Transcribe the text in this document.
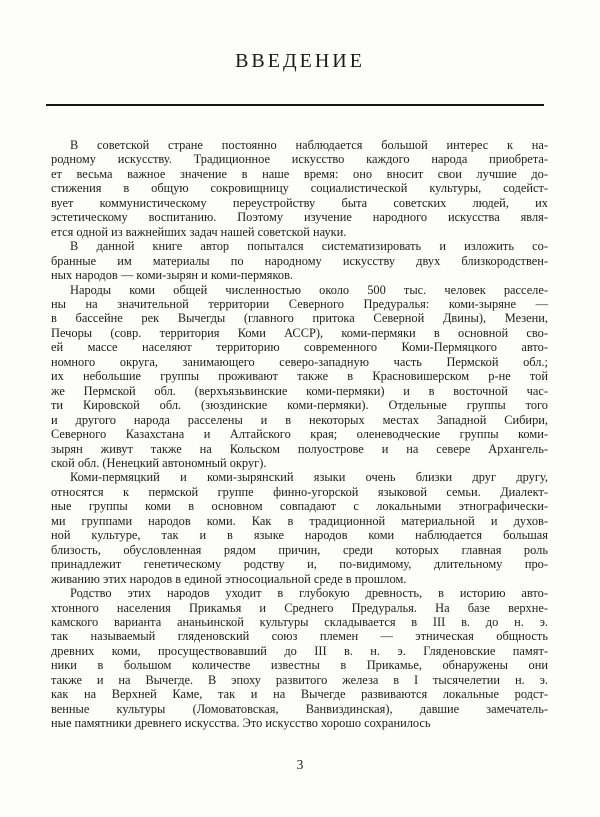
ВВЕДЕНИЕ
В советской стране постоянно наблюдается большой интерес к на-
родному искусству. Традиционное искусство каждого народа приобрета-
ет весьма важное значение в наше время: оно вносит свои лучшие до-
стижения в общую сокровищницу социалистической культуры, содейст-
вует коммунистическому переустройству быта советских людей, их
эстетическому воспитанию. Поэтому изучение народного искусства явля-
ется одной из важнейших задач нашей советской науки.
В данной книге автор попытался систематизировать и изложить со-
бранные им материалы по народному искусству двух близкородствен-
ных народов — коми-зырян и коми-пермяков.
Народы коми общей численностью около 500 тыс. человек расселе-
ны на значительной территории Северного Предуралья: коми-зыряне —
в бассейне рек Вычегды (главного притока Северной Двины), Мезени,
Печоры (совр. территория Коми АССР), коми-пермяки в основной сво-
ей массе населяют территорию современного Коми-Пермяцкого авто-
номного округа, занимающего северо-западную часть Пермской обл.;
их небольшие группы проживают также в Красновишерском р-не той
же Пермской обл. (верхъязьвинские коми-пермяки) и в восточной час-
ти Кировской обл. (зюздинские коми-пермяки). Отдельные группы того
и другого народа расселены и в некоторых местах Западной Сибири,
Северного Казахстана и Алтайского края; оленеводческие группы коми-
зырян живут также на Кольском полуострове и на севере Архангель-
ской обл. (Ненецкий автономный округ).
Коми-пермяцкий и коми-зырянский языки очень близки друг другу,
относятся к пермской группе финно-угорской языковой семьи. Диалект-
ные группы коми в основном совпадают с локальными этнографически-
ми группами народов коми. Как в традиционной материальной и духов-
ной культуре, так и в языке народов коми наблюдается большая
близость, обусловленная рядом причин, среди которых главная роль
принадлежит генетическому родству и, по-видимому, длительному про-
живанию этих народов в единой этносоциальной среде в прошлом.
Родство этих народов уходит в глубокую древность, в историю авто-
хтонного населения Прикамья и Среднего Предуралья. На базе верхне-
камского варианта ананьинской культуры складывается в III в. до н. э.
так называемый гляденовский союз племен — этническая общность
древних коми, просуществовавший до III в. н. э. Гляденовские памят-
ники в большом количестве известны в Прикамье, обнаружены они
также и на Вычегде. В эпоху развитого железа в I тысячелетии н. э.
как на Верхней Каме, так и на Вычегде развиваются локальные родст-
венные культуры (Ломоватовская, Ванвиздинская), давшие замечатель-
ные памятники древнего искусства. Это искусство хорошо сохранилось
3
